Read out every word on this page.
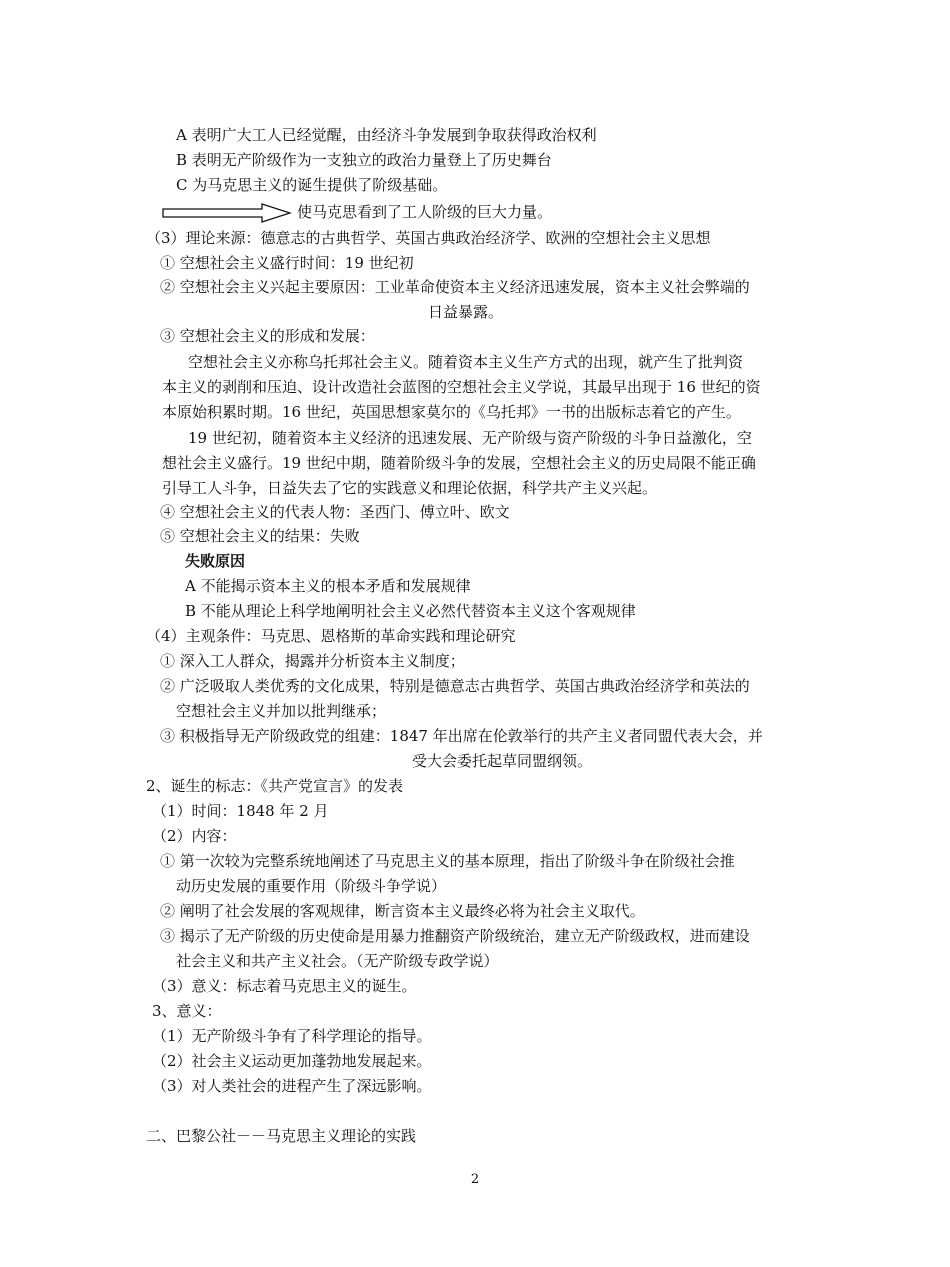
A 表明广大工人已经觉醒，由经济斗争发展到争取获得政治权利
B 表明无产阶级作为一支独立的政治力量登上了历史舞台
C 为马克思主义的诞生提供了阶级基础。
使马克思看到了工人阶级的巨大力量。
（3）理论来源：德意志的古典哲学、英国古典政治经济学、欧洲的空想社会主义思想
① 空想社会主义盛行时间：19 世纪初
② 空想社会主义兴起主要原因：工业革命使资本主义经济迅速发展，资本主义社会弊端的
日益暴露。
③ 空想社会主义的形成和发展：
空想社会主义亦称乌托邦社会主义。随着资本主义生产方式的出现，就产生了批判资
本主义的剥削和压迫、设计改造社会蓝图的空想社会主义学说，其最早出现于 16 世纪的资
本原始积累时期。16 世纪，英国思想家莫尔的《乌托邦》一书的出版标志着它的产生。
19 世纪初，随着资本主义经济的迅速发展、无产阶级与资产阶级的斗争日益激化，空
想社会主义盛行。19 世纪中期，随着阶级斗争的发展，空想社会主义的历史局限不能正确
引导工人斗争，日益失去了它的实践意义和理论依据，科学共产主义兴起。
④ 空想社会主义的代表人物：圣西门、傅立叶、欧文
⑤ 空想社会主义的结果：失败
失败原因
A 不能揭示资本主义的根本矛盾和发展规律
B 不能从理论上科学地阐明社会主义必然代替资本主义这个客观规律
（4）主观条件：马克思、恩格斯的革命实践和理论研究
① 深入工人群众，揭露并分析资本主义制度；
② 广泛吸取人类优秀的文化成果，特别是德意志古典哲学、英国古典政治经济学和英法的
空想社会主义并加以批判继承；
③ 积极指导无产阶级政党的组建：1847 年出席在伦敦举行的共产主义者同盟代表大会，并
受大会委托起草同盟纲领。
2、诞生的标志：《共产党宣言》的发表
（1）时间：1848 年 2 月
（2）内容：
① 第一次较为完整系统地阐述了马克思主义的基本原理，指出了阶级斗争在阶级社会推
动历史发展的重要作用（阶级斗争学说）
② 阐明了社会发展的客观规律，断言资本主义最终必将为社会主义取代。
③ 揭示了无产阶级的历史使命是用暴力推翻资产阶级统治，建立无产阶级政权，进而建设
社会主义和共产主义社会。（无产阶级专政学说）
（3）意义：标志着马克思主义的诞生。
3、意义：
（1）无产阶级斗争有了科学理论的指导。
（2）社会主义运动更加蓬勃地发展起来。
（3）对人类社会的进程产生了深远影响。
二、巴黎公社－－马克思主义理论的实践
2
